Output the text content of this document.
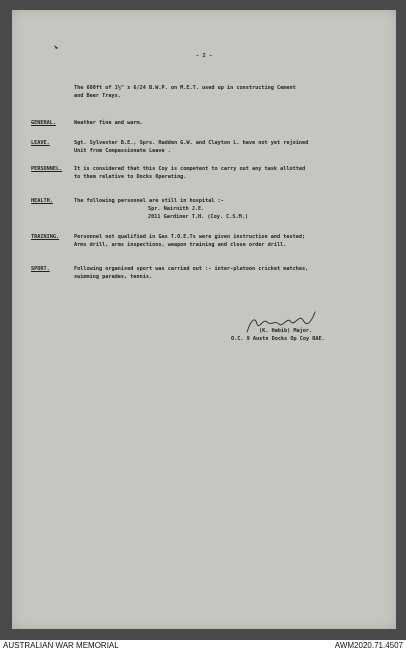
- 2 -
The 600ft of 1½" x 6/24 B.W.P. on M.E.T. used up in constructing Cement
and Beer Trays.
GENERAL.	Weather fine and warm.
LEAVE.	Sgt. Sylvester B.E., Sprs. Hadden G.W. and Clayton L. have not yet rejoined
Unit from Compassionate Leave .
PERSONNEL. It is considered that this Coy is competent to carry out any task allotted
to them relative to Docks Operating.
HEALTH.	The following personnel are still in hospital :-
Spr. Nairnith J.E.
2011 Gardiner T.H. (Coy. C.S.M.)
TRAINING.	Personnel not qualified in Gas T.O.E.Ts were given instruction and tested;
Arms drill, arms inspections, weapon training and close order drill.
SPORT.	Following organised sport was carried out :- inter-platoon cricket matches,
swimming parades, tennis.
(K. Habib) Major.
O.C. 9 Austn Docks Op Coy RAE.
AUSTRALIAN WAR MEMORIAL	AWM2020.71.4507
